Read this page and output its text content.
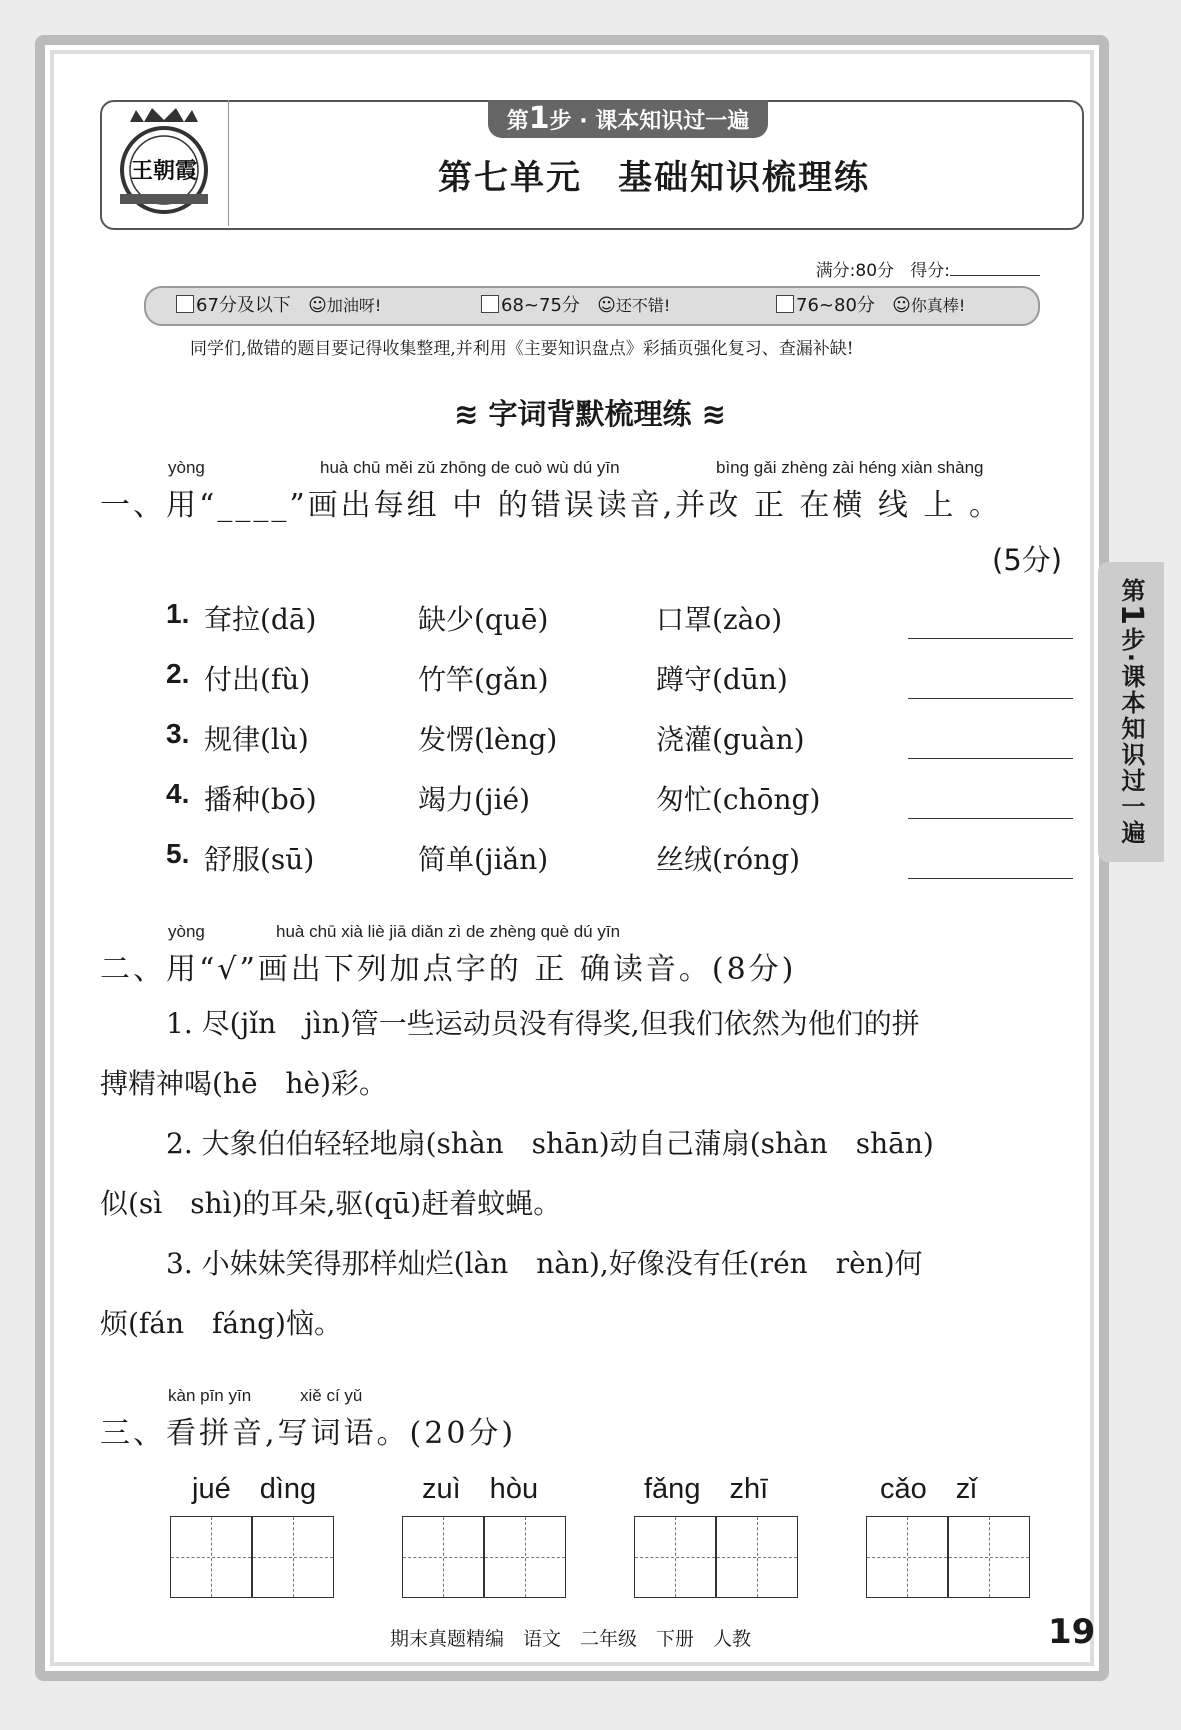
王朝霞
第1步 · 课本知识过一遍
第七单元　基础知识梳理练
满分:80分 得分:
67分及以下 ☺加油呀!	68~75分 ☺还不错!	76~80分 ☺你真棒!
同学们,做错的题目要记得收集整理,并利用《主要知识盘点》彩插页强化复习、查漏补缺!
≋ 字词背默梳理练 ≋
yòng	huà chū měi zǔ zhōng de cuò wù dú yīn	bìng gǎi zhèng zài héng xiàn shàng
一、用“____”画出每组 中 的错误读音,并改 正 在横 线 上 。
(5分)
1. 耷拉(dā)	缺少(quē)	口罩(zào)
2. 付出(fù)	竹竿(gǎn)	蹲守(dūn)
3. 规律(lù)	发愣(lèng)	浇灌(guàn)
4. 播种(bō)	竭力(jié)	匆忙(chōng)
5. 舒服(sū)	简单(jiǎn)	丝绒(róng)
yòng	huà chū xià liè jiā diǎn zì de zhèng què dú yīn
二、用“√”画出下列加点字的 正 确读音。(8分)
1. 尽(jǐn　jìn)管一些运动员没有得奖,但我们依然为他们的拼
搏精神喝(hē　hè)彩。
2. 大象伯伯轻轻地扇(shàn　shān)动自己蒲扇(shàn　shān)
似(sì　shì)的耳朵,驱(qū)赶着蚊蝇。
3. 小妹妹笑得那样灿烂(làn　nàn),好像没有任(rén　rèn)何
烦(fán　fáng)恼。
kàn pīn yīn	xiě cí yǔ
三、看拼音,写词语。(20分)
jué　dìng	zuì　hòu	fǎng　zhī	cǎo　zǐ
第1步·课本知识过一遍
期末真题精编　语文　二年级　下册　人教	19
